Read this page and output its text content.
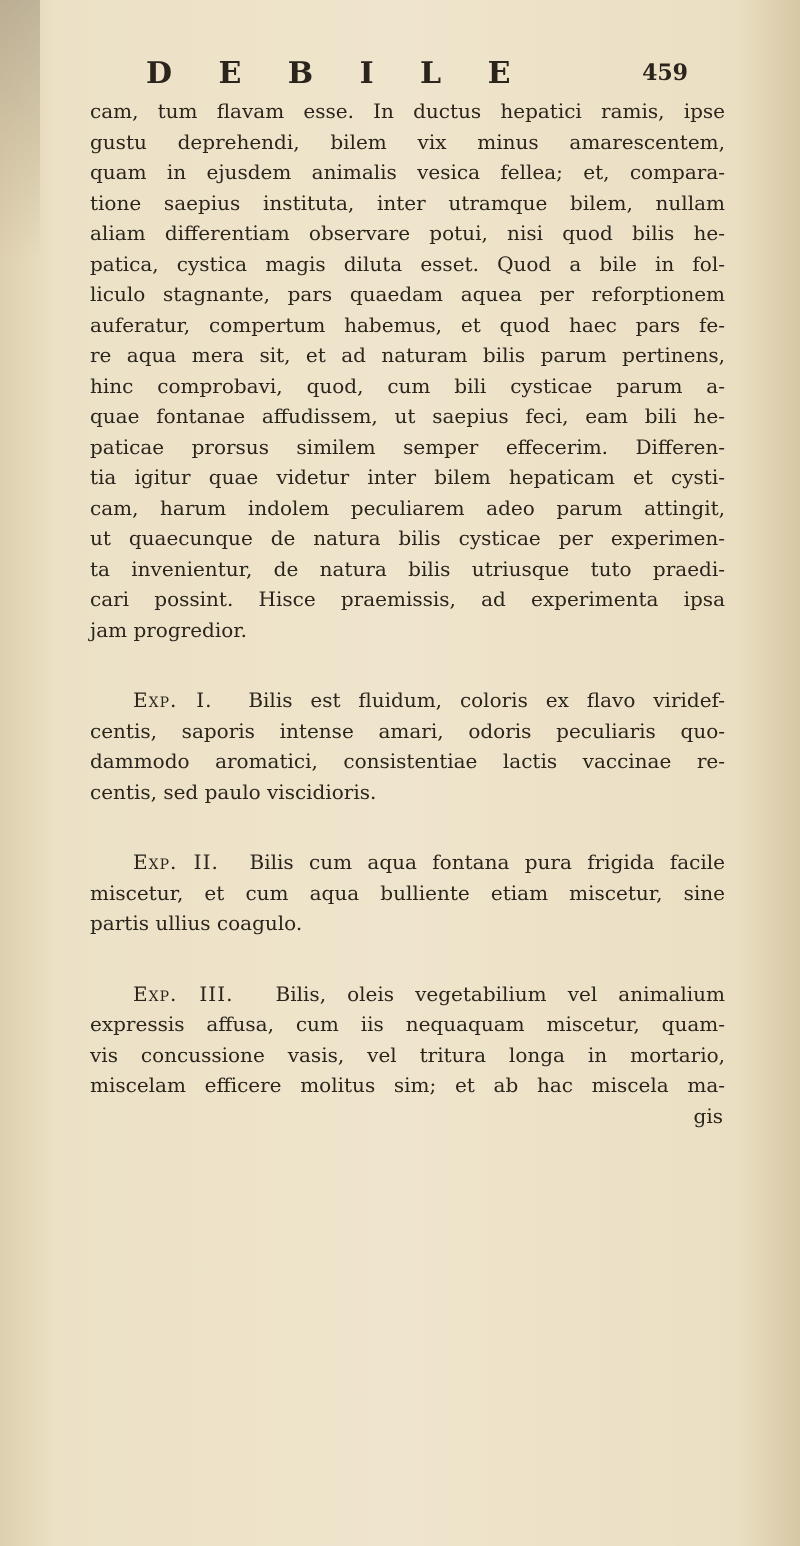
D E B I L E	459
cam, tum flavam esse. In ductus hepatici ramis, ipse
gustu deprehendi, bilem vix minus amarescentem,
quam in ejusdem animalis vesica fellea; et, compara-
tione saepius instituta, inter utramque bilem, nullam
aliam differentiam observare potui, nisi quod bilis he-
patica, cystica magis diluta esset. Quod a bile in fol-
liculo stagnante, pars quaedam aquea per reforptionem
auferatur, compertum habemus, et quod haec pars fe-
re aqua mera sit, et ad naturam bilis parum pertinens,
hinc comprobavi, quod, cum bili cysticae parum a-
quae fontanae affudissem, ut saepius feci, eam bili he-
paticae prorsus similem semper effecerim. Differen-
tia igitur quae videtur inter bilem hepaticam et cysti-
cam, harum indolem peculiarem adeo parum attingit,
ut quaecunque de natura bilis cysticae per experimen-
ta invenientur, de natura bilis utriusque tuto praedi-
cari possint. Hisce praemissis, ad experimenta ipsa
jam progredior.
Exp. I. Bilis est fluidum, coloris ex flavo viridef-
centis, saporis intense amari, odoris peculiaris quo-
dammodo aromatici, consistentiae lactis vaccinae re-
centis, sed paulo viscidioris.
Exp. II. Bilis cum aqua fontana pura frigida facile
miscetur, et cum aqua bulliente etiam miscetur, sine
partis ullius coagulo.
Exp. III. Bilis, oleis vegetabilium vel animalium
expressis affusa, cum iis nequaquam miscetur, quam-
vis concussione vasis, vel tritura longa in mortario,
miscelam efficere molitus sim; et ab hac miscela ma-
gis
